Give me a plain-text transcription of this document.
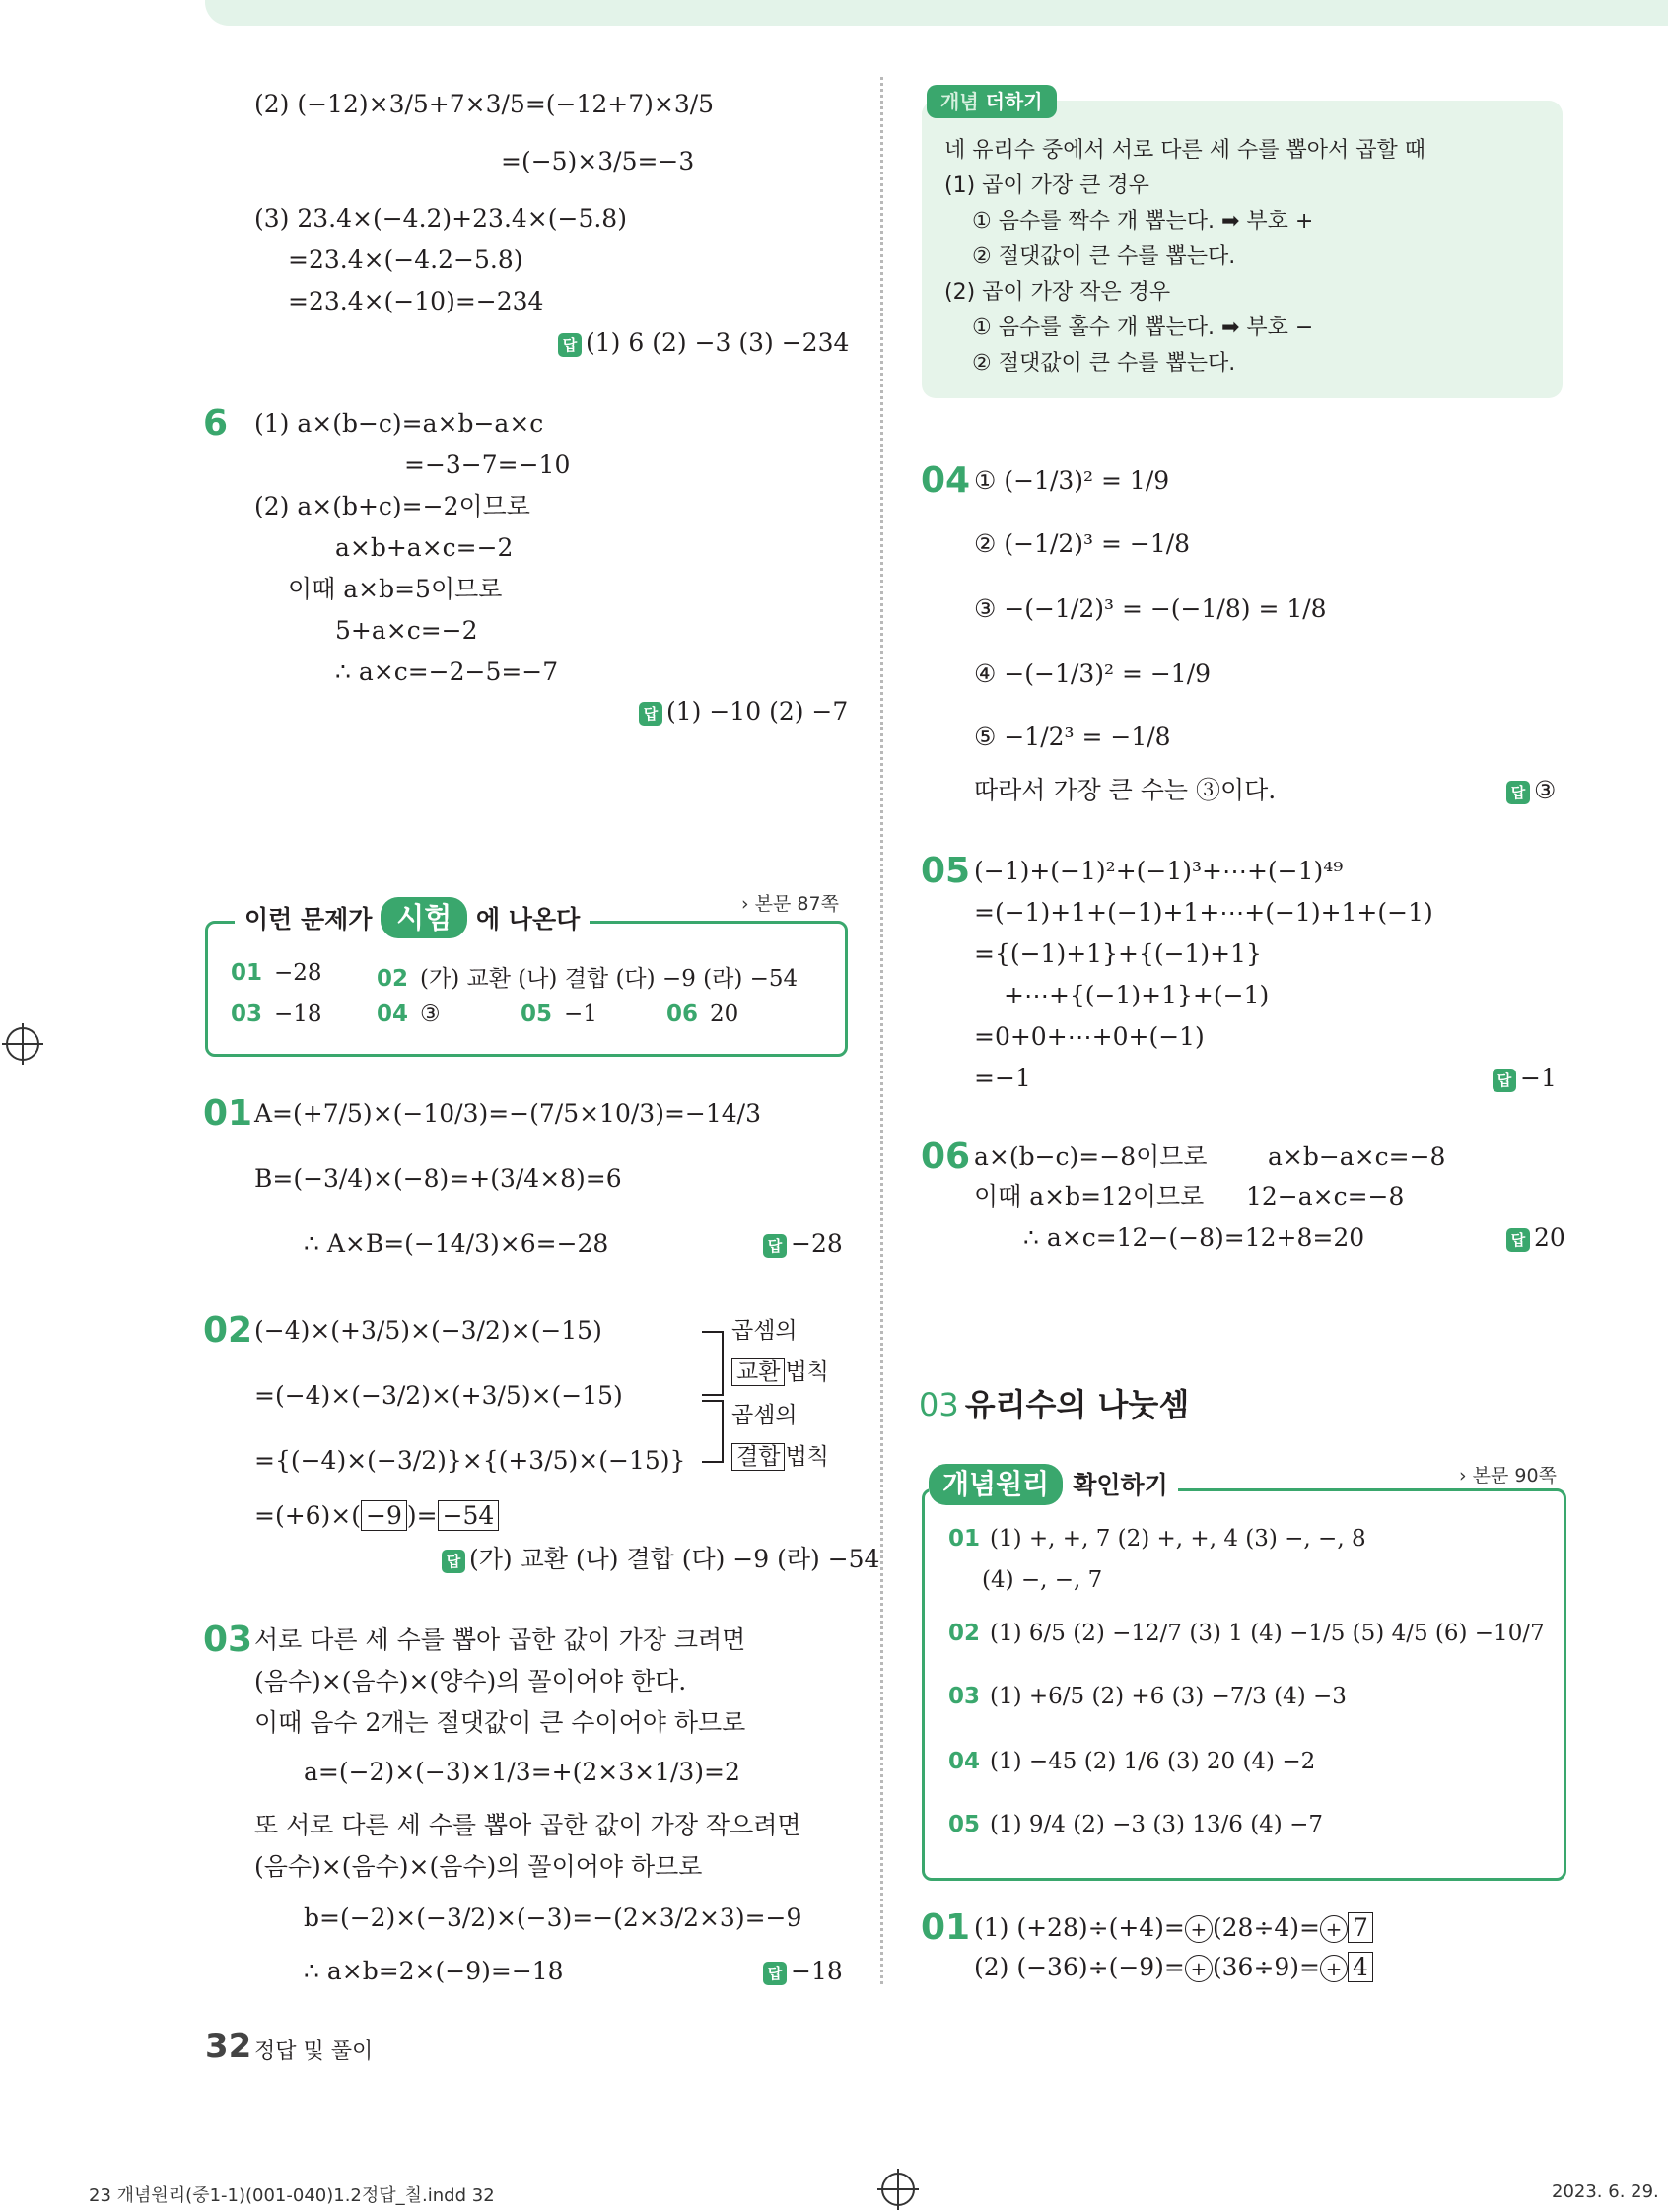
(2) (−12)×3/5+7×3/5=(−12+7)×3/5
=(−5)×3/5=−3
(3) 23.4×(−4.2)+23.4×(−5.8)
=23.4×(−4.2−5.8)
=23.4×(−10)=−234
답 (1) 6 (2) −3 (3) −234
6 (1) a×(b−c)=a×b−a×c
=−3−7=−10
(2) a×(b+c)=−2이므로
a×b+a×c=−2
이때 a×b=5이므로
5+a×c=−2
∴ a×c=−2−5=−7
답 (1) −10 (2) −7
이런 문제가 시험 에 나온다
› 본문 87쪽
01 −28 02 (가) 교환 (나) 결합 (다) −9 (라) −54
03 −18 04 ③	05 −1	06 20
01 A=(+7/5)×(−10/3)=−(7/5×10/3)=−14/3
B=(−3/4)×(−8)=+(3/4×8)=6
∴ A×B=(−14/3)×6=−28	답 −28
02 (−4)×(+3/5)×(−3/2)×(−15)
=(−4)×(−3/2)×(+3/5)×(−15)
={(−4)×(−3/2)}×{(+3/5)×(−15)}
=(+6)×( −9 )= −54
곱셈의
교환 법칙
곱셈의
결합 법칙
답 (가) 교환 (나) 결합 (다) −9 (라) −54
03 서로 다른 세 수를 뽑아 곱한 값이 가장 크려면
(음수)×(음수)×(양수)의 꼴이어야 한다.
이때 음수 2개는 절댓값이 큰 수이어야 하므로
a=(−2)×(−3)×1/3=+(2×3×1/3)=2
또 서로 다른 세 수를 뽑아 곱한 값이 가장 작으려면
(음수)×(음수)×(음수)의 꼴이어야 하므로
b=(−2)×(−3/2)×(−3)=−(2×3/2×3)=−9
∴ a×b=2×(−9)=−18	답 −18
개념 더하기
네 유리수 중에서 서로 다른 세 수를 뽑아서 곱할 때
(1) 곱이 가장 큰 경우
① 음수를 짝수 개 뽑는다. ➡ 부호 +
② 절댓값이 큰 수를 뽑는다.
(2) 곱이 가장 작은 경우
① 음수를 홀수 개 뽑는다. ➡ 부호 −
② 절댓값이 큰 수를 뽑는다.
04 ① (−1/3)² = 1/9
② (−1/2)³ = −1/8
③ −(−1/2)³ = −(−1/8) = 1/8
④ −(−1/3)² = −1/9
⑤ −1/2³ = −1/8
따라서 가장 큰 수는 ③이다.	답 ③
05 (−1)+(−1)²+(−1)³+⋯+(−1)⁴⁹
=(−1)+1+(−1)+1+⋯+(−1)+1+(−1)
={(−1)+1}+{(−1)+1}
+⋯+{(−1)+1}+(−1)
=0+0+⋯+0+(−1)
=−1	답 −1
06 a×(b−c)=−8이므로 a×b−a×c=−8
이때 a×b=12이므로 12−a×c=−8
∴ a×c=12−(−8)=12+8=20	답 20
03 유리수의 나눗셈
개념원리 확인하기	› 본문 90쪽
01 (1) +, +, 7 (2) +, +, 4 (3) −, −, 8
(4) −, −, 7
02 (1) 6/5 (2) −12/7 (3) 1 (4) −1/5 (5) 4/5 (6) −10/7
03 (1) +6/5 (2) +6 (3) −7/3 (4) −3
04 (1) −45 (2) 1/6 (3) 20 (4) −2
05 (1) 9/4 (2) −3 (3) 13/6 (4) −7
01 (1) (+28)÷(+4)= + (28÷4)= + 7
(2) (−36)÷(−9)= + (36÷9)= + 4
32 정답 및 풀이
23 개념원리(중1-1)(001-040)1.2정답_칠.indd 32	2023. 6. 29.
